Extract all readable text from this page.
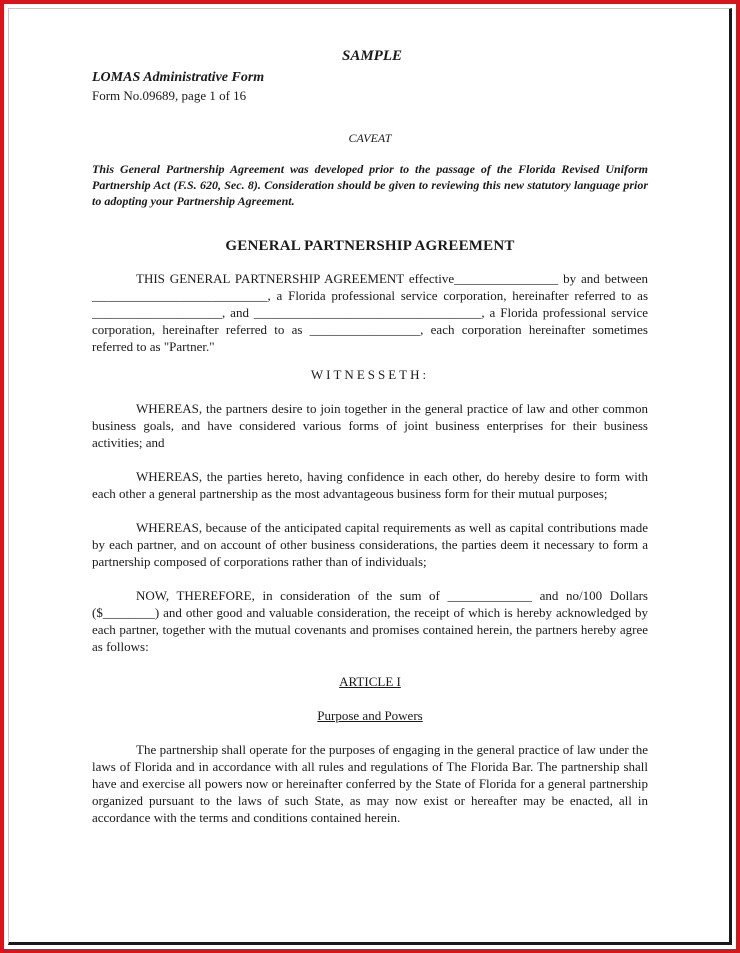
SAMPLE
LOMAS Administrative Form
Form No.09689, page 1 of 16
CAVEAT
This General Partnership Agreement was developed prior to the passage of the Florida Revised Uniform Partnership Act (F.S. 620, Sec. 8). Consideration should be given to reviewing this new statutory language prior to adopting your Partnership Agreement.
GENERAL PARTNERSHIP AGREEMENT
THIS GENERAL PARTNERSHIP AGREEMENT effective________________ by and between ___________________________, a Florida professional service corporation, hereinafter referred to as ____________________, and ___________________________________, a Florida professional service corporation, hereinafter referred to as _________________, each corporation hereinafter sometimes referred to as "Partner."
WITNESSETH:
WHEREAS, the partners desire to join together in the general practice of law and other common business goals, and have considered various forms of joint business enterprises for their business activities; and
WHEREAS, the parties hereto, having confidence in each other, do hereby desire to form with each other a general partnership as the most advantageous business form for their mutual purposes;
WHEREAS, because of the anticipated capital requirements as well as capital contributions made by each partner, and on account of other business considerations, the parties deem it necessary to form a partnership composed of corporations rather than of individuals;
NOW, THEREFORE, in consideration of the sum of _____________ and no/100 Dollars ($________) and other good and valuable consideration, the receipt of which is hereby acknowledged by each partner, together with the mutual covenants and promises contained herein, the partners hereby agree as follows:
ARTICLE I
Purpose and Powers
The partnership shall operate for the purposes of engaging in the general practice of law under the laws of Florida and in accordance with all rules and regulations of The Florida Bar. The partnership shall have and exercise all powers now or hereinafter conferred by the State of Florida for a general partnership organized pursuant to the laws of such State, as may now exist or hereafter may be enacted, all in accordance with the terms and conditions contained herein.
